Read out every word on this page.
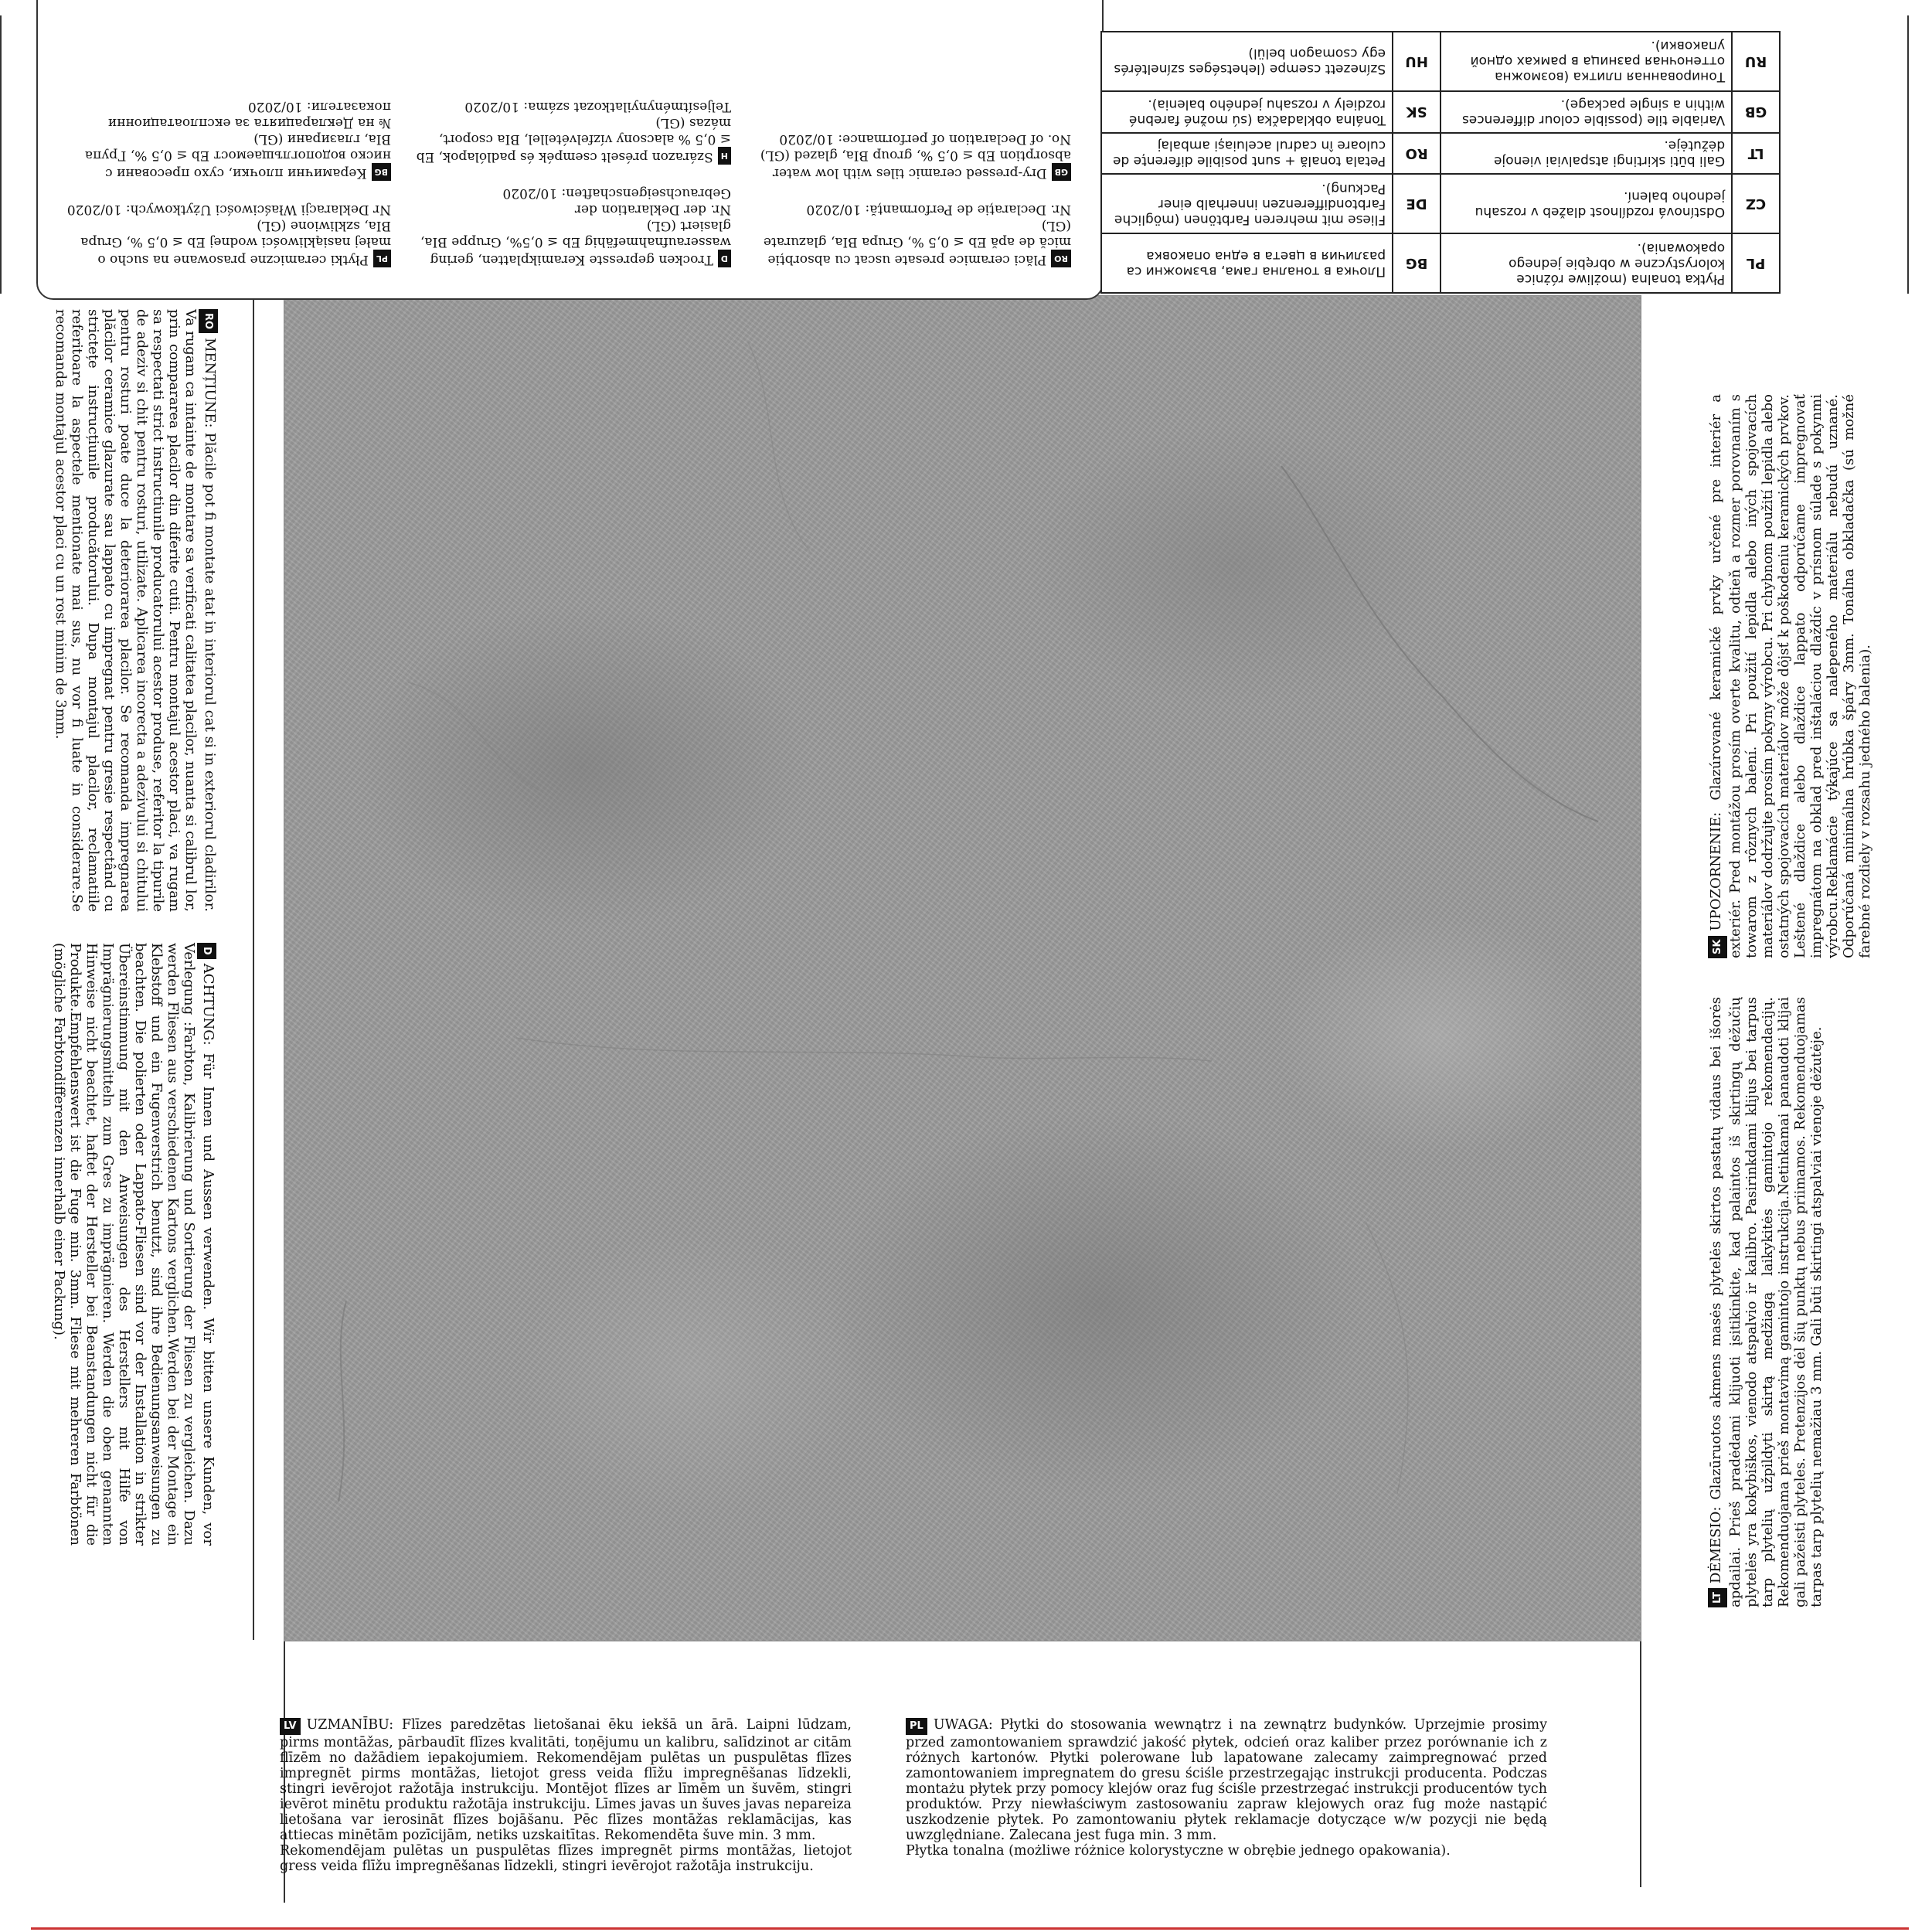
ROPlăci ceramice presate uscat cu absorbție mică de apă Eb ≤ 0,5 %, Grupa BIa, glazurate (GL)

Nr. Declarație de Performanță: 10/2020

GBDry-pressed ceramic tiles with low water absorption Eb ≤ 0,5 %, group BIa, glazed (GL)

No. of Declaration of performance: 10/2020

DTrocken gepresste Keramikplatten, gering wasseraufnahmefähig Eb ≤ 0,5%, Gruppe BIa, glasiert (GL)

Nr. der Deklaration der Gebrauchseigenschaften: 10/2020

HSzárazon préselt csempék és padlólapok, Eb ≤ 0,5 % alacsony vízfelvétellel, BIa csoport, mázas (GL)

Teljesítménynyilatkozat száma: 10/2020

PLPłytki ceramiczne prasowane na sucho o małej nasiąkliwości wodnej Eb ≤ 0,5 %, Grupa BIa, szkliwione (GL)

Nr Deklaracji Właściwości Użytkowych: 10/2020

BGКерамични плочки, сухо пресовани с ниско водопоглъщаемост Eb ≤ 0,5 %, Група BIa, глазирани (GL)

№ на Декларацията за експлоатационни показатели: 10/2020

PL	Płytka tonalna (możliwe różnice kolorystyczne w obrębie jednego opakowania).	BG	Плочка в тонална гама, възможни са различия в цвета в една опаковка
CZ	Odstínová rozdílnost dlažeb v rozsahu jednoho balení.	DE	Fliese mit mehreren Farbtönen (mögliche Farbtondifferenzen innerhalb einer Packung).
LT	Gali būti skirtingi atspalviai vienoje dėžutėje.	RO	Petala tonală + sunt posibile diferențe de culoare în cadrul aceluiași ambalaj
GB	Variable tile (possible colour differences within a single package).	SK	Tonálna obkladačka (sú možné farebné rozdiely v rozsahu jedného balenia).
RU	Тонированная плитка (возможна оттеночная разница в рамках одной упаковки).	HU	Színezett csempe (lehetséges színeltérés egy csomagon belül)

ROMENȚIUNE: Plăcile pot fi montate atat in interiorul cat si in exteriorul cladirilor. Va rugam ca intainte de montare sa verificati calitatea placilor, nuanta si calibrul lor, prin compararea placilor din diferite cutii. Pentru montajul acestor placi, va rugam sa respectati strict instructiunile producatorului acestor produse, referitor la tipurile de adeziv si chit pentru rosturi, utilizate. Aplicarea incorecta a adezivului si chitului pentru rosturi poate duce la deteriorarea placilor. Se recomanda impregnarea plăcilor ceramice glazurate sau lappato cu impregnat pentru gresie respectând cu strictețe instrucțiunile producătorului. Dupa montajul placilor, reclamatiile referitoare la aspectele mentionate mai sus, nu vor fi luate in considerare.Se recomanda montajul acestor placi cu un rost minim de 3mm.

DACHTUNG: Für Innen und Aussen verwenden. Wir bitten unsere Kunden, vor Verlegung :Farbton, Kalibrierung und Sortierung der Fliesen zu vergleichen. Dazu werden Fliesen aus verschiedenen Kartons verglichen.Werden bei der Montage ein Klebstoff und ein Fugenverstrich benutzt, sind ihre Bedienungsanweisungen zu beachten. Die polierten oder Lappato-Fliesen sind vor der Installation in strikter Übereinstimmung mit den Anweisungen des Herstellers mit Hilfe von Imprägnierungsmitteln zum Gres zu imprägnieren. Werden die oben genannten Hinweise nicht beachtet, haftet der Hersteller bei Beanstandungen nicht für die Produkte.Empfehlenswert ist die Fuge min. 3mm. Fliese mit mehreren Farbtönen (mögliche Farbtondifferenzen innerhalb einer Packung).	SKUPOZORNENIE: Glazúrované keramické prvky určené pre interiér a exteriér. Pred montážou prosím overte kvalitu, odtieň a rozmer porovnaním s towarom z rôznych balení. Pri použití lepidla alebo iných spojovacích materiálov dodržujte prosím pokyny výrobcu. Pri chybnom použití lepidla alebo ostatných spojovacích materiálov môže dôjsť k poškodeniu keramických prvkov. Leštené dlaždice alebo dlaždice lappato odporúčame impregnovať impregnátom na obklad pred inštaláciou dlaždíc v prísnom súlade s pokynmi výrobcu.Reklamácie týkajúce sa nalepeného materiálu nebudú uznané. Odporúčaná minimálna hrúbka špáry 3mm. Tonálna obkladačka (sú možné farebné rozdiely v rozsahu jedného balenia).

LTDĖMESIO: Glazūruotos akmens masės plytelės skirtos pastatų vidaus bei išorės apdailai. Prieš pradėdami klijuoti įsitikinkite, kad palaintos iš skirtingų dėžučių plytelės yra kokybiškos, vienodo atspalvio ir kalibro. Pasirinkdami klijus bei tarpus tarp plytelių užpildyti skirtą medžiagą laikykitės gamintojo rekomendacijų. Rekomenduojama prieš montavimą gamintojo instrukcija.Netinkamai panaudoti klijai gali pažeisti plyteles. Pretenzijos dėl šių punktų nebus priimamos. Rekomenduojamas tarpas tarp plytelių nemažiau 3 mm. Gali būti skirtingi atspalviai vienoje dėžutėje.

LV UZMANĪBU: Flīzes paredzētas lietošanai ēku iekšā un ārā. Laipni lūdzam, pirms montāžas, pārbaudīt flīzes kvalitāti, toņējumu un kalibru, salīdzinot ar citām flīzēm no dažādiem iepakojumiem. Rekomendējam pulētas un puspulētas flīzes impregnēt pirms montāžas, lietojot gress veida flīžu impregnēšanas līdzekli, stingri ievērojot ražotāja instrukciju. Montējot flīzes ar līmēm un šuvēm, stingri ievērot minētu produktu ražotāja instrukciju. Līmes javas un šuves javas nepareiza lietošana var ierosināt flīzes bojāšanu. Pēc flīzes montāžas reklamācijas, kas attiecas minētām pozīcijām, netiks uzskaitītas. Rekomendēta šuve min. 3 mm.

Rekomendējam pulētas un puspulētas flīzes impregnēt pirms montāžas, lietojot gress veida flīžu impregnēšanas līdzekli, stingri ievērojot ražotāja instrukciju.

PL UWAGA: Płytki do stosowania wewnątrz i na zewnątrz budynków. Uprzejmie prosimy przed zamontowaniem sprawdzić jakość płytek, odcień oraz kaliber przez porównanie ich z różnych kartonów. Płytki polerowane lub lapatowane zalecamy zaimpregnować przed zamontowaniem impregnatem do gresu ściśle przestrzegając instrukcji producenta. Podczas montażu płytek przy pomocy klejów oraz fug ściśle przestrzegać instrukcji producentów tych produktów. Przy niewłaściwym zastosowaniu zapraw klejowych oraz fug może nastąpić uszkodzenie płytek. Po zamontowaniu płytek reklamacje dotyczące w/w pozycji nie będą uwzględniane. Zalecana jest fuga min. 3 mm.

Płytka tonalna (możliwe różnice kolorystyczne w obrębie jednego opakowania).
